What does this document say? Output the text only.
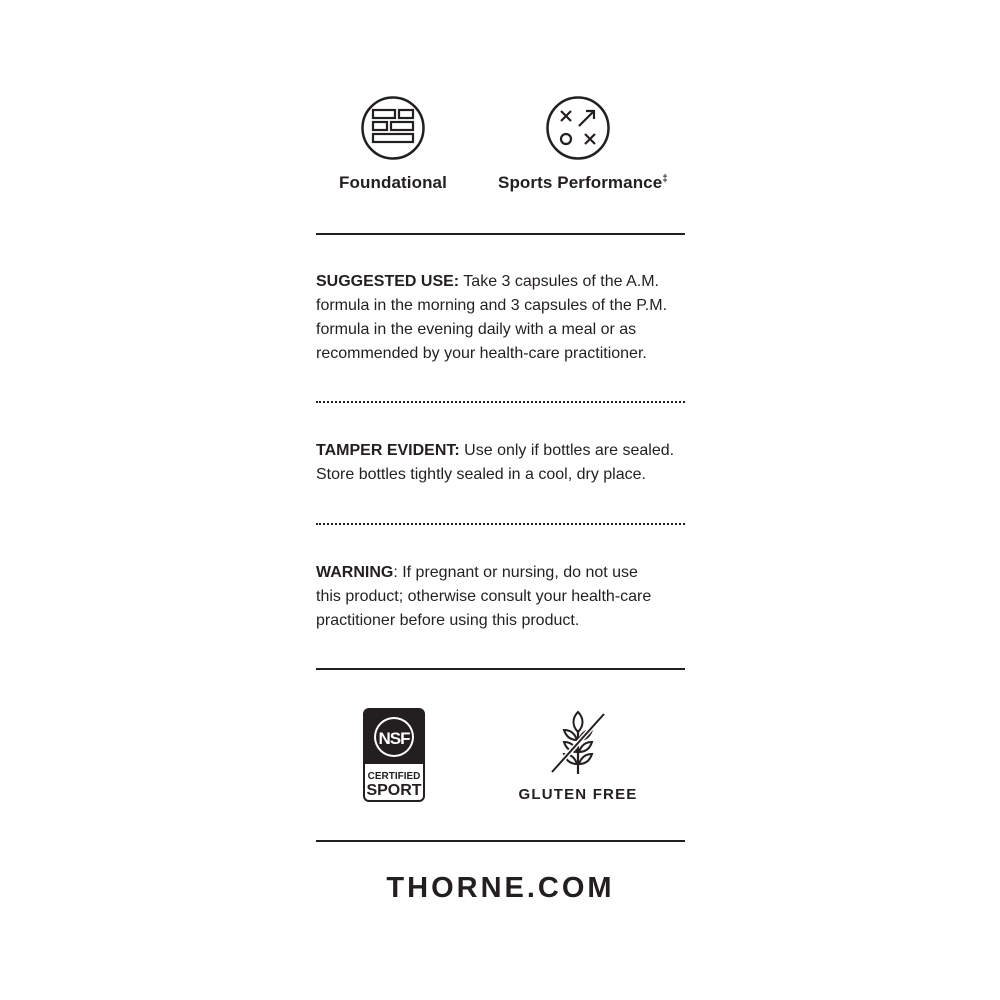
Foundational	Sports Performance‡
SUGGESTED USE: Take 3 capsules of the A.M.
formula in the morning and 3 capsules of the P.M.
formula in the evening daily with a meal or as
recommended by your health-care practitioner.
TAMPER EVIDENT: Use only if bottles are sealed.
Store bottles tightly sealed in a cool, dry place.
WARNING: If pregnant or nursing, do not use
this product; otherwise consult your health-care
practitioner before using this product.
NSF
CERTIFIED
SPORT	GLUTEN FREE
THORNE.COM
